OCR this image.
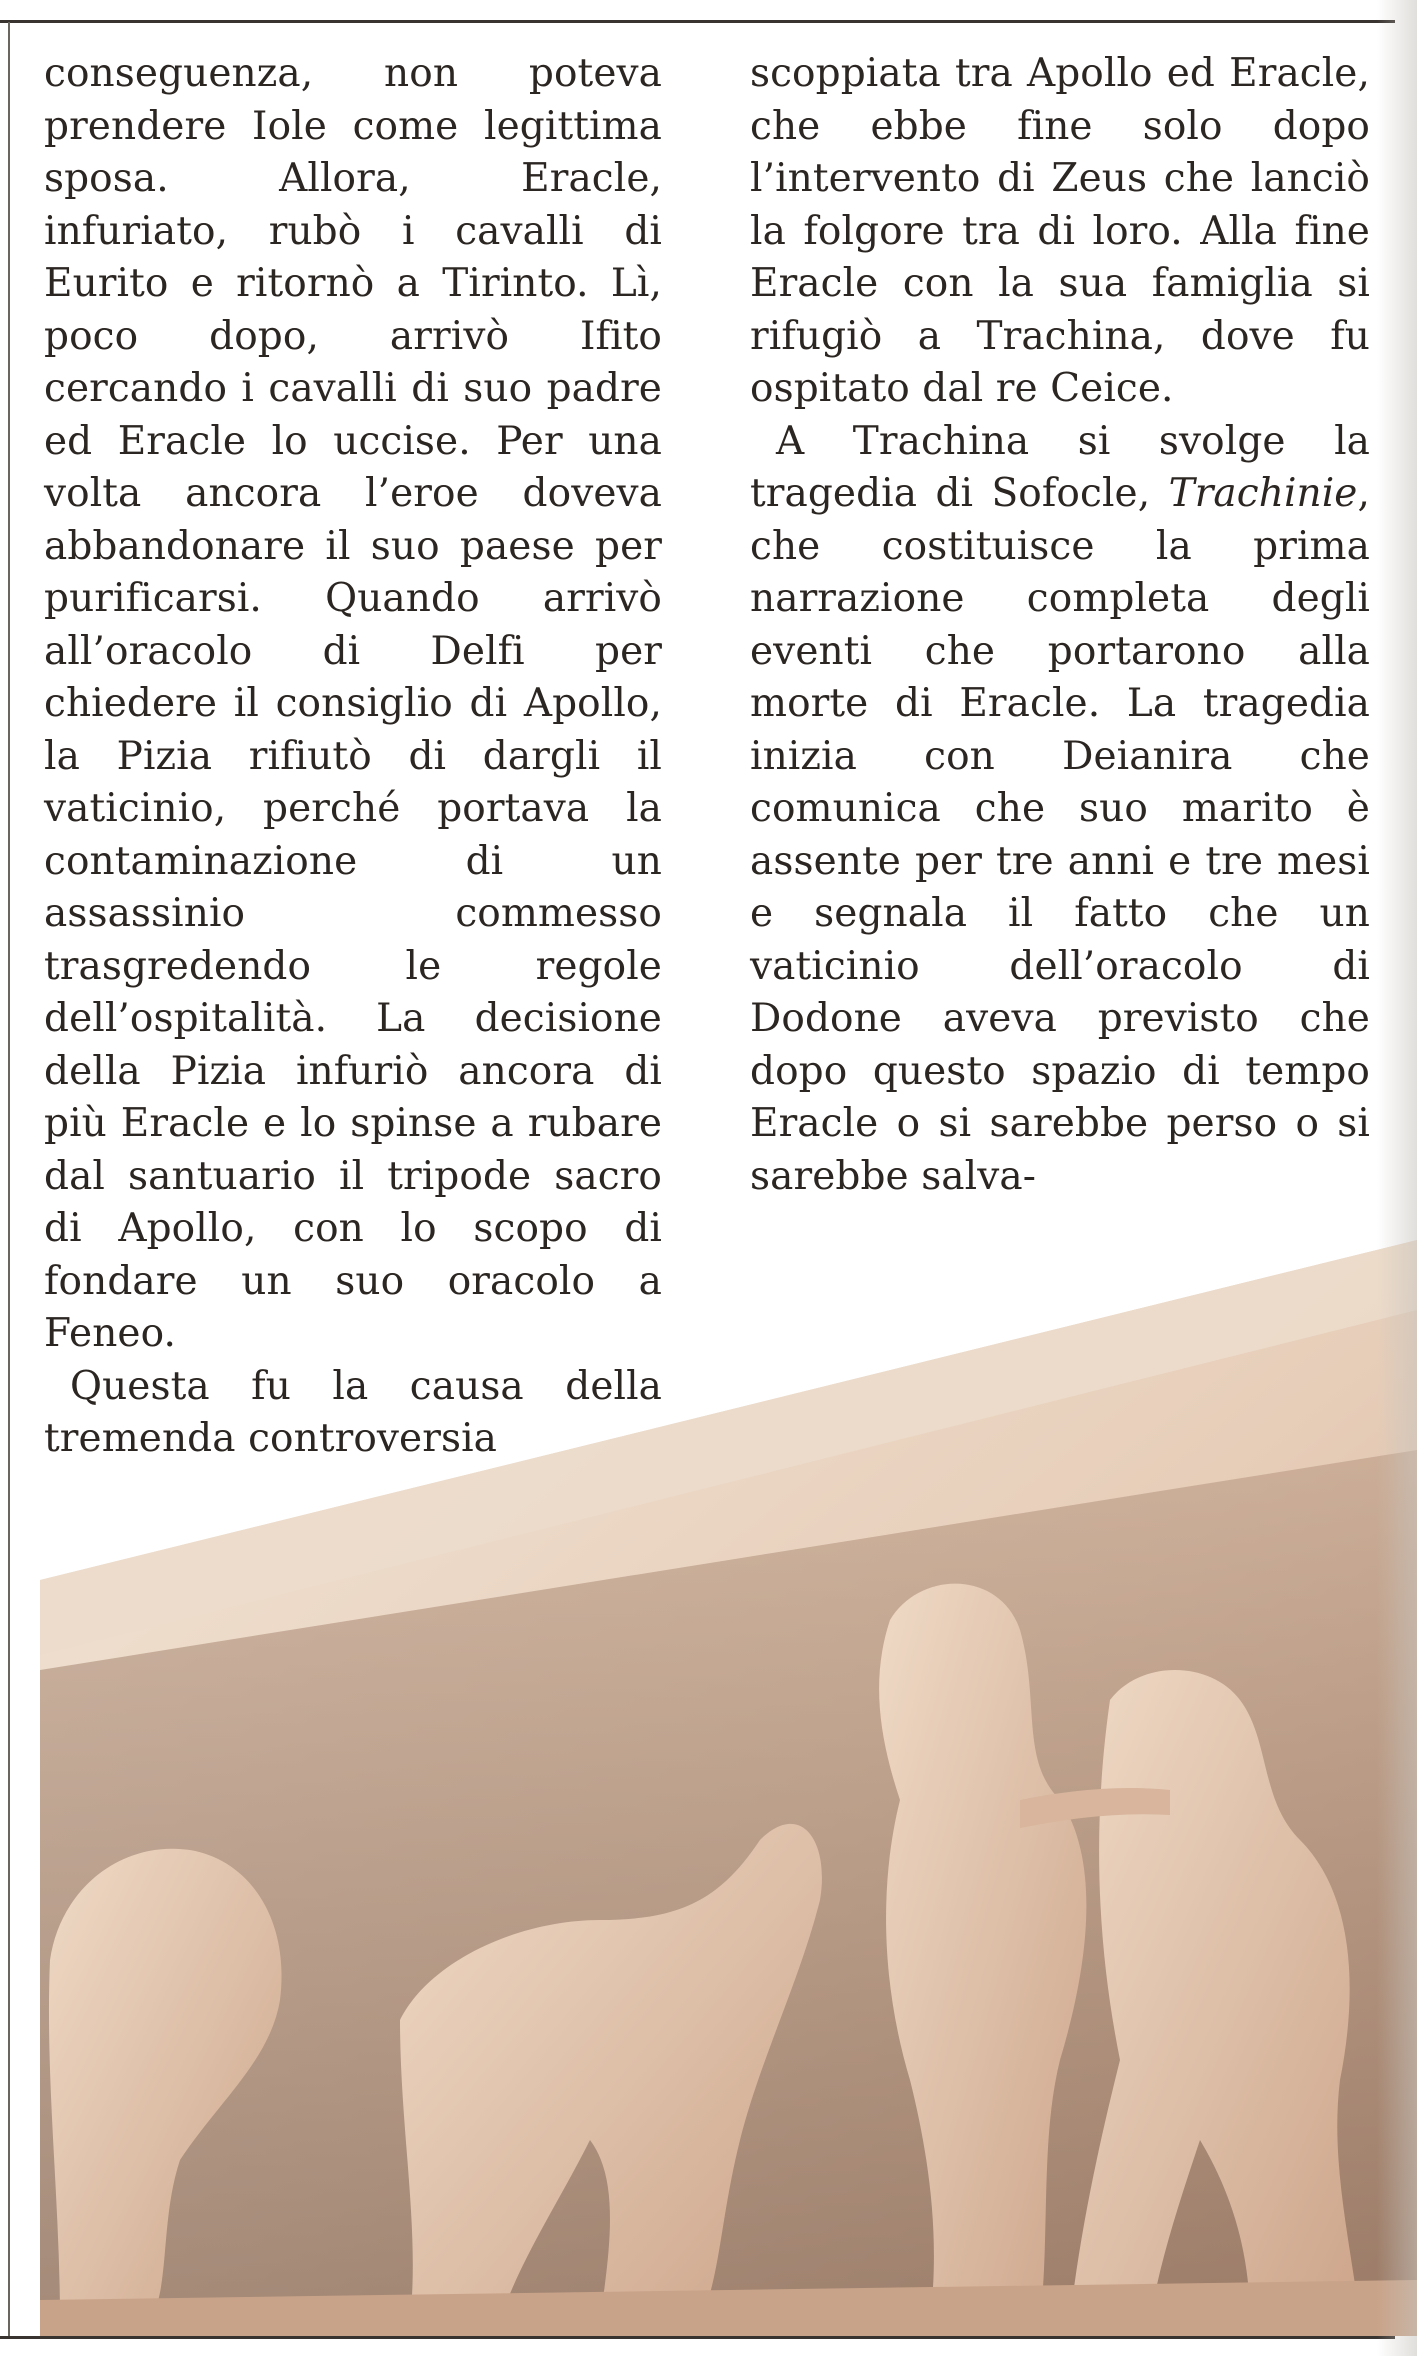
conseguenza, non poteva prendere Iole come legittima sposa. Allora, Eracle, infuriato, rubò i cavalli di Eurito e ritornò a Tirinto. Lì, poco dopo, arrivò Ifito cercando i cavalli di suo padre ed Eracle lo uccise. Per una volta ancora l’eroe doveva abbandonare il suo paese per purificarsi. Quando arrivò all’oracolo di Delfi per chiedere il consiglio di Apollo, la Pizia rifiutò di dargli il vaticinio, perché portava la contaminazione di un assassinio commesso trasgredendo le regole dell’ospitalità. La decisione della Pizia infuriò ancora di più Eracle e lo spinse a rubare dal santuario il tripode sacro di Apollo, con lo scopo di fondare un suo oracolo a Feneo.

Questa fu la causa della tremenda controversia

scoppiata tra Apollo ed Eracle, che ebbe fine solo dopo l’intervento di Zeus che lanciò la folgore tra di loro. Alla fine Eracle con la sua famiglia si rifugiò a Trachina, dove fu ospitato dal re Ceice.

A Trachina si svolge la tragedia di Sofocle, Trachinie, che costituisce la prima narrazione completa degli eventi che portarono alla morte di Eracle. La tragedia inizia con Deianira che comunica che suo marito è assente per tre anni e tre mesi e segnala il fatto che un vaticinio dell’oracolo di Dodone aveva previsto che dopo questo spazio di tempo Eracle o si sarebbe perso o si sarebbe salva-
